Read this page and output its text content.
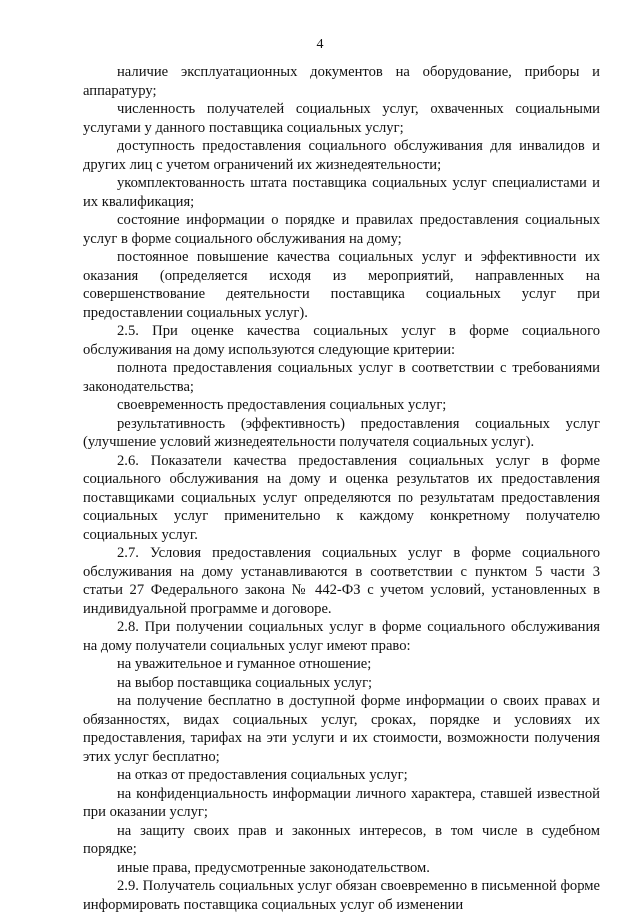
4

наличие эксплуатационных документов на оборудование, приборы и аппаратуру;

численность получателей социальных услуг, охваченных социальными услугами у данного поставщика социальных услуг;

доступность предоставления социального обслуживания для инвалидов и других лиц с учетом ограничений их жизнедеятельности;

укомплектованность штата поставщика социальных услуг специалистами и их квалификация;

состояние информации о порядке и правилах предоставления социальных услуг в форме социального обслуживания на дому;

постоянное повышение качества социальных услуг и эффективности их оказания (определяется исходя из мероприятий, направленных на совершенствование деятельности поставщика социальных услуг при предоставлении социальных услуг).

2.5. При оценке качества социальных услуг в форме социального обслуживания на дому используются следующие критерии:

полнота предоставления социальных услуг в соответствии с требованиями законодательства;

своевременность предоставления социальных услуг;

результативность (эффективность) предоставления социальных услуг (улучшение условий жизнедеятельности получателя социальных услуг).

2.6. Показатели качества предоставления социальных услуг в форме социального обслуживания на дому и оценка результатов их предоставления поставщиками социальных услуг определяются по результатам предоставления социальных услуг применительно к каждому конкретному получателю социальных услуг.

2.7. Условия предоставления социальных услуг в форме социального обслуживания на дому устанавливаются в соответствии с пунктом 5 части 3 статьи 27 Федерального закона № 442-ФЗ с учетом условий, установленных в индивидуальной программе и договоре.

2.8. При получении социальных услуг в форме социального обслуживания на дому получатели социальных услуг имеют право:

на уважительное и гуманное отношение;

на выбор поставщика социальных услуг;

на получение бесплатно в доступной форме информации о своих правах и обязанностях, видах социальных услуг, сроках, порядке и условиях их предоставления, тарифах на эти услуги и их стоимости, возможности получения этих услуг бесплатно;

на отказ от предоставления социальных услуг;

на конфиденциальность информации личного характера, ставшей известной при оказании услуг;

на защиту своих прав и законных интересов, в том числе в судебном порядке;

иные права, предусмотренные законодательством.

2.9. Получатель социальных услуг обязан своевременно в письменной форме информировать поставщика социальных услуг об изменении
